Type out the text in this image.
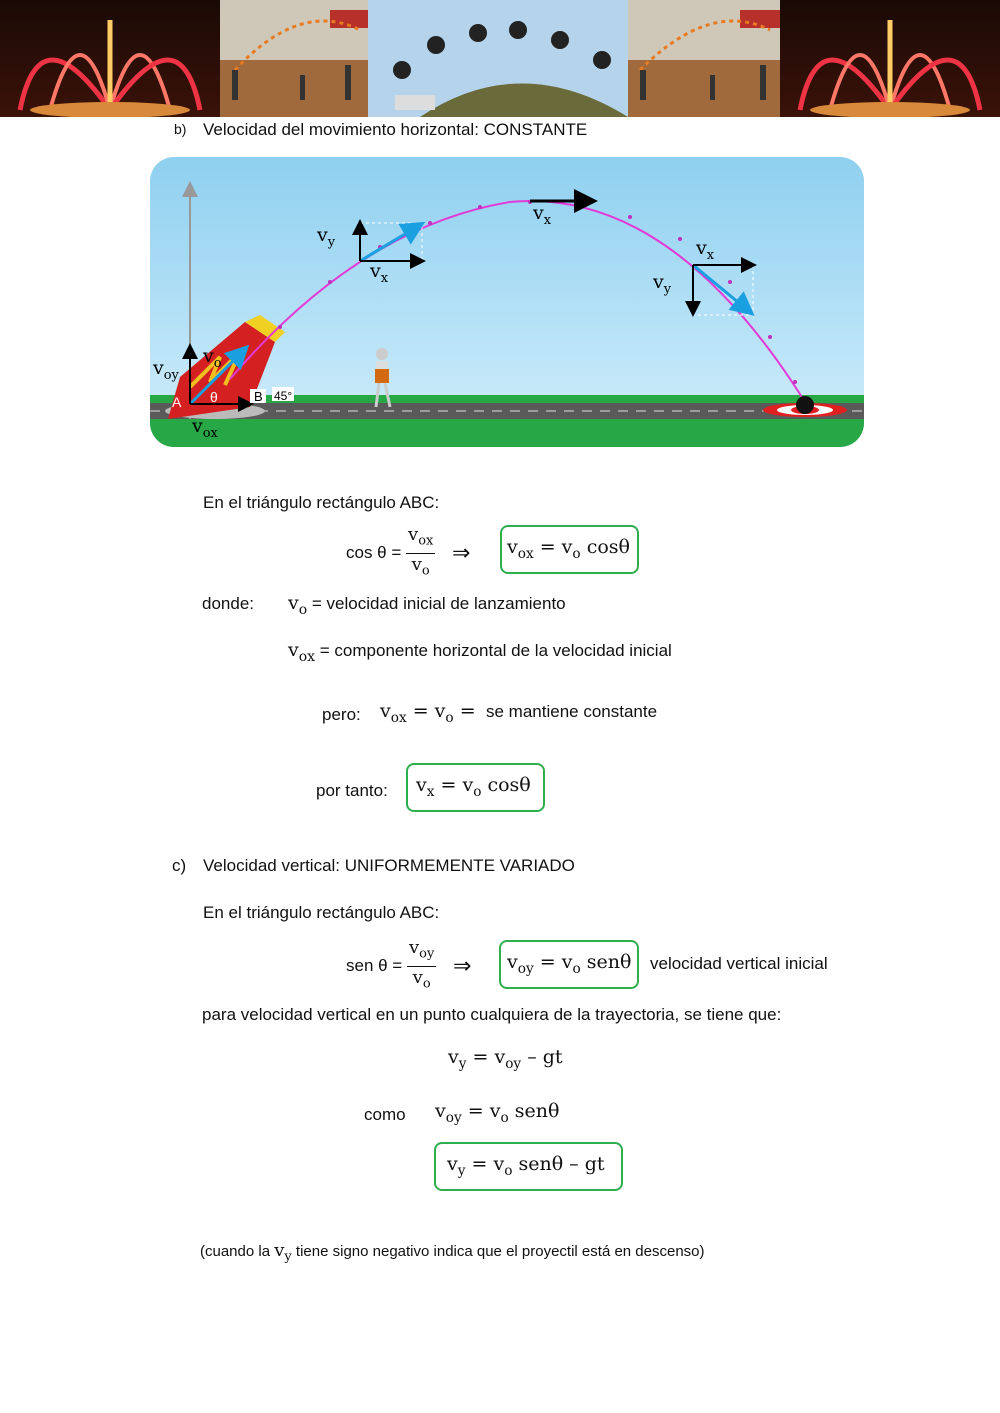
b) Velocidad del movimiento horizontal: CONSTANTE
A	B
θ	45°
$v_{oy}$
$v_o$
$v_{ox}$
$v_y$
$v_x$
$v_x$
$v_x$
$v_y$
En el triángulo rectángulo ABC:
$\cos \theta = \frac{v_{ox}}{v_o}$ ⇒ $v_{ox} = v_o$ cosθ
donde: $v_o$ = velocidad inicial de lanzamiento
$v_{ox}$ = componente horizontal de la velocidad inicial
pero: $v_{ox} = v_o$ = se mantiene constante
por tanto: $v_x = v_o$ cosθ
c) Velocidad vertical: UNIFORMEMENTE VARIADO
En el triángulo rectángulo ABC:
sen $\theta = \frac{v_{oy}}{v_o}$ ⇒ $v_{oy} = v_o$ senθ velocidad vertical inicial
para velocidad vertical en un punto cualquiera de la trayectoria, se tiene que:
$v_y = v_{oy}$ – gt
como $v_{oy} = v_o$ senθ
$v_y = v_o$ senθ – gt
(cuando la vy tiene signo negativo indica que el proyectil está en descenso)
